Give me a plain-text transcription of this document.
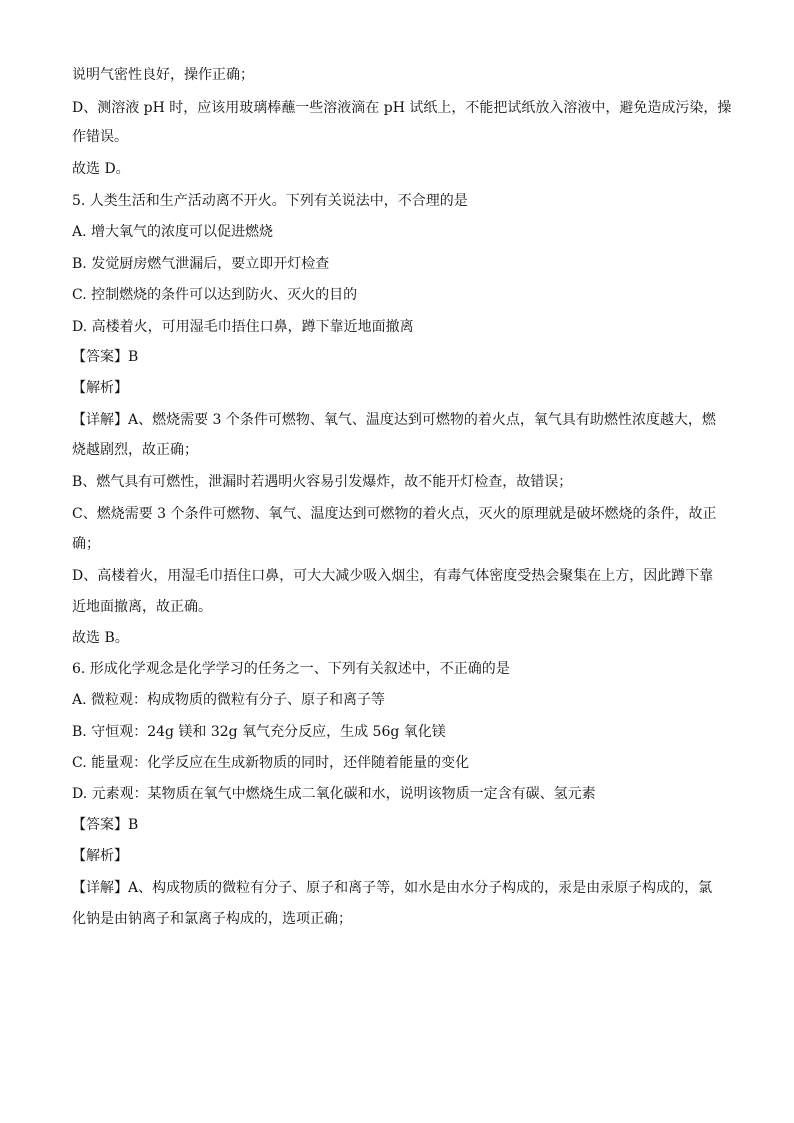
说明气密性良好，操作正确；
D、测溶液 pH 时，应该用玻璃棒蘸一些溶液滴在 pH 试纸上，不能把试纸放入溶液中，避免造成污染，操
作错误。
故选 D。
5. 人类生活和生产活动离不开火。下列有关说法中，不合理的是
A. 增大氧气的浓度可以促进燃烧
B. 发觉厨房燃气泄漏后，要立即开灯检查
C. 控制燃烧的条件可以达到防火、灭火的目的
D. 高楼着火，可用湿毛巾捂住口鼻，蹲下靠近地面撤离
【答案】B
【解析】
【详解】A、燃烧需要 3 个条件可燃物、氧气、温度达到可燃物的着火点，氧气具有助燃性浓度越大，燃
烧越剧烈，故正确；
B、燃气具有可燃性，泄漏时若遇明火容易引发爆炸，故不能开灯检查，故错误；
C、燃烧需要 3 个条件可燃物、氧气、温度达到可燃物的着火点，灭火的原理就是破坏燃烧的条件，故正
确；
D、高楼着火，用湿毛巾捂住口鼻，可大大减少吸入烟尘，有毒气体密度受热会聚集在上方，因此蹲下靠
近地面撤离，故正确。
故选 B。
6. 形成化学观念是化学学习的任务之一、下列有关叙述中，不正确的是
A. 微粒观：构成物质的微粒有分子、原子和离子等
B. 守恒观：24g 镁和 32g 氧气充分反应，生成 56g 氧化镁
C. 能量观：化学反应在生成新物质的同时，还伴随着能量的变化
D. 元素观：某物质在氧气中燃烧生成二氧化碳和水，说明该物质一定含有碳、氢元素
【答案】B
【解析】
【详解】A、构成物质的微粒有分子、原子和离子等，如水是由水分子构成的，汞是由汞原子构成的，氯
化钠是由钠离子和氯离子构成的，选项正确；
